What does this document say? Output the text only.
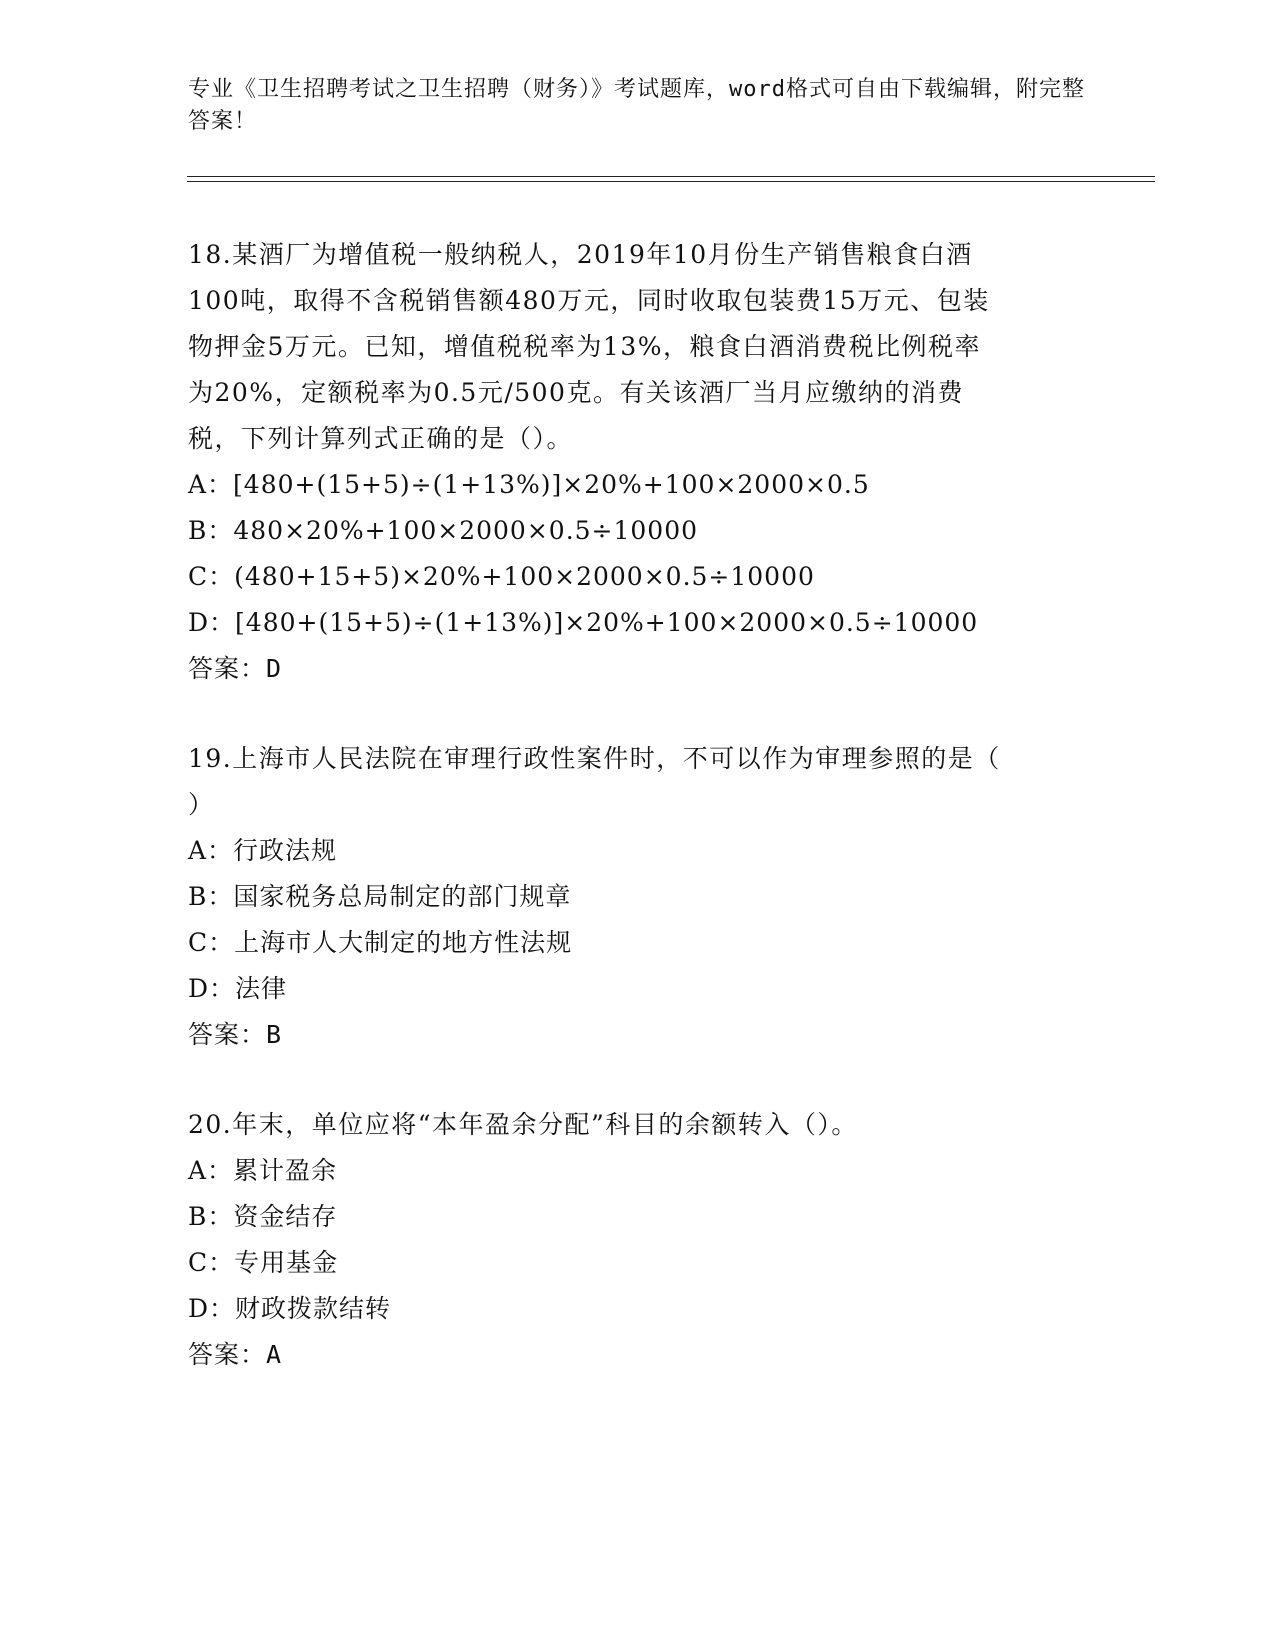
专业《卫生招聘考试之卫生招聘（财务）》考试题库，word格式可自由下载编辑，附完整答案！
18.某酒厂为增值税一般纳税人，2019年10月份生产销售粮食白酒
100吨，取得不含税销售额480万元，同时收取包装费15万元、包装
物押金5万元。已知，增值税税率为13%，粮食白酒消费税比例税率
为20%，定额税率为0.5元/500克。有关该酒厂当月应缴纳的消费
税，下列计算列式正确的是（）。
A：[480+(15+5)÷(1+13%)]×20%+100×2000×0.5
B：480×20%+100×2000×0.5÷10000
C：(480+15+5)×20%+100×2000×0.5÷10000
D：[480+(15+5)÷(1+13%)]×20%+100×2000×0.5÷10000
答案：D
19.上海市人民法院在审理行政性案件时，不可以作为审理参照的是（
）
A：行政法规
B：国家税务总局制定的部门规章
C：上海市人大制定的地方性法规
D：法律
答案：B
20.年末，单位应将“本年盈余分配”科目的余额转入（）。
A：累计盈余
B：资金结存
C：专用基金
D：财政拨款结转
答案：A
